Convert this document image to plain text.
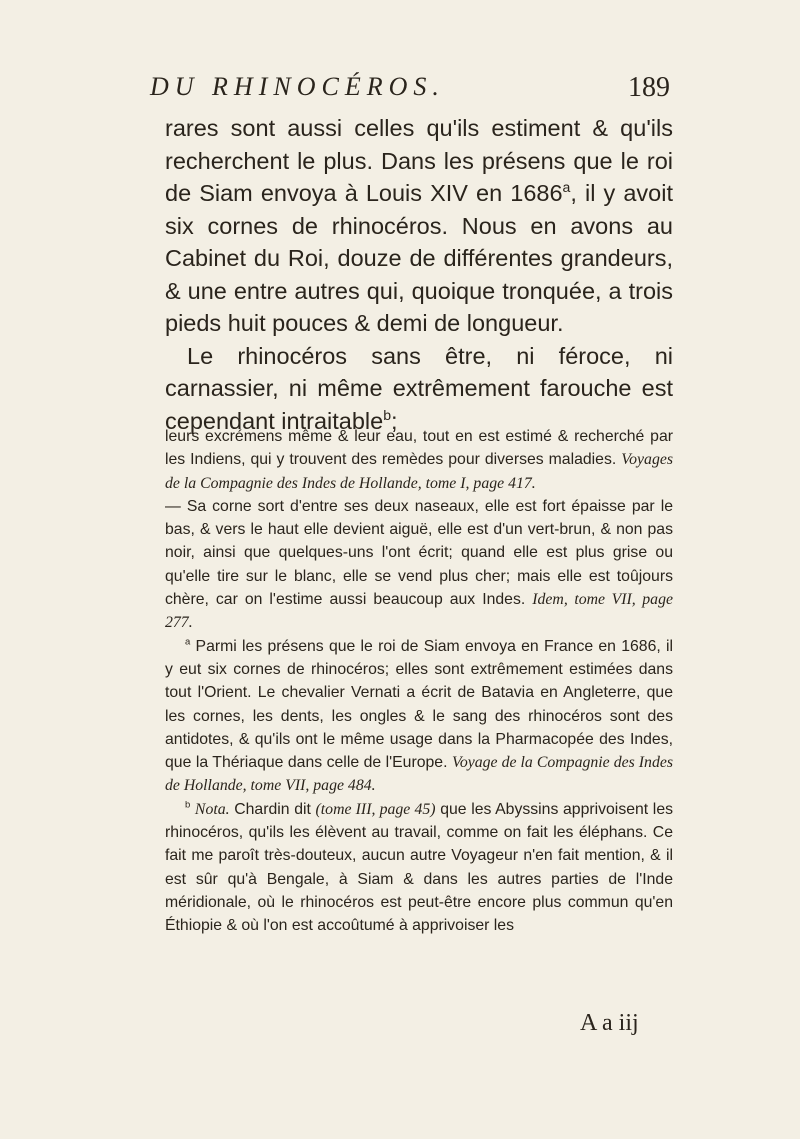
DU RHINOCÉROS.	189

rares sont aussi celles qu'ils estiment & qu'ils recherchent le plus. Dans les présens que le roi de Siam envoya à Louis XIV en 1686$^a$, il y avoit six cornes de rhinocéros. Nous en avons au Cabinet du Roi, douze de différentes grandeurs, & une entre autres qui, quoique tronquée, a trois pieds huit pouces & demi de longueur.

Le rhinocéros sans être, ni féroce, ni carnassier, ni même extrêmement farouche est cependant intraitable$^b$;

leurs excrémens même & leur eau, tout en est estimé & recherché par les Indiens, qui y trouvent des remèdes pour diverses maladies. Voyages de la Compagnie des Indes de Hollande, tome I, page 417.

— Sa corne sort d'entre ses deux naseaux, elle est fort épaisse par le bas, & vers le haut elle devient aiguë, elle est d'un vert-brun, & non pas noir, ainsi que quelques-uns l'ont écrit; quand elle est plus grise ou qu'elle tire sur le blanc, elle se vend plus cher; mais elle est toûjours chère, car on l'estime aussi beaucoup aux Indes. Idem, tome VII, page 277.

$^a$ Parmi les présens que le roi de Siam envoya en France en 1686, il y eut six cornes de rhinocéros; elles sont extrêmement estimées dans tout l'Orient. Le chevalier Vernati a écrit de Batavia en Angleterre, que les cornes, les dents, les ongles & le sang des rhinocéros sont des antidotes, & qu'ils ont le même usage dans la Pharmacopée des Indes, que la Thériaque dans celle de l'Europe. Voyage de la Compagnie des Indes de Hollande, tome VII, page 484.

$^b$ Nota. Chardin dit (tome III, page 45) que les Abyssins apprivoisent les rhinocéros, qu'ils les élèvent au travail, comme on fait les éléphans. Ce fait me paroît très-douteux, aucun autre Voyageur n'en fait mention, & il est sûr qu'à Bengale, à Siam & dans les autres parties de l'Inde méridionale, où le rhinocéros est peut-être encore plus commun qu'en Éthiopie & où l'on est accoûtumé à apprivoiser les

A a iij
